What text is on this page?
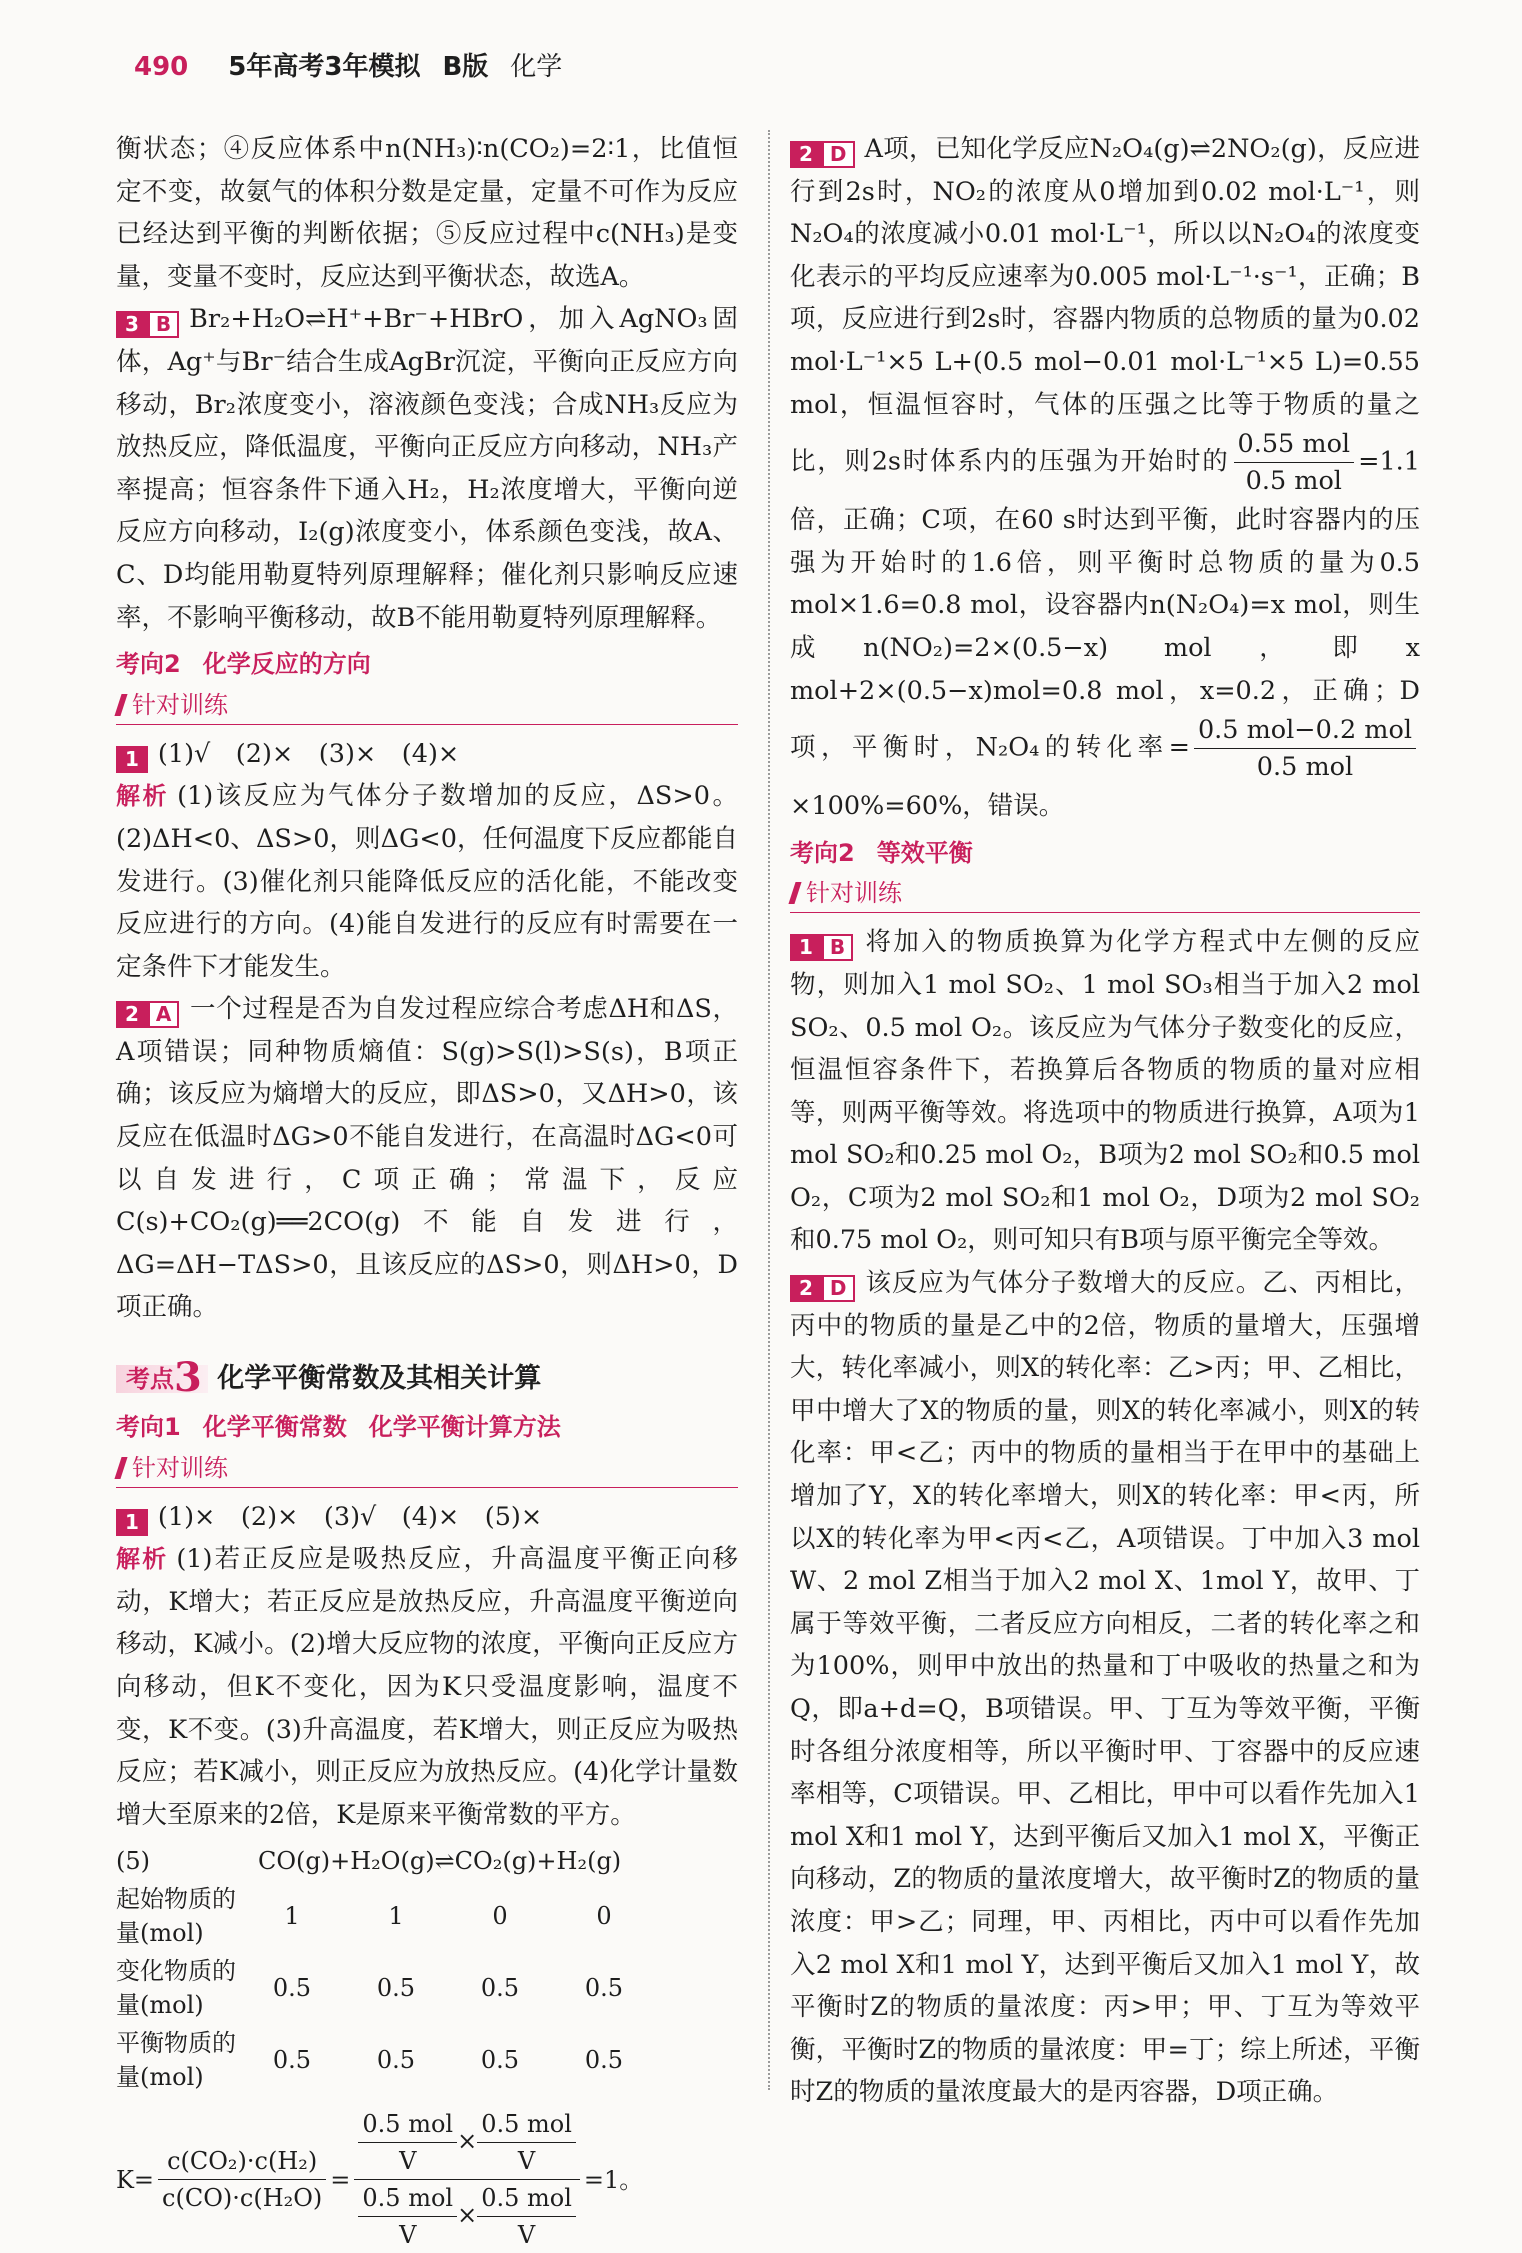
490 5年高考3年模拟 B版 化学

衡状态；④反应体系中n(NH₃)∶n(CO₂)=2∶1，比值恒定不变，故氨气的体积分数是定量，定量不可作为反应已经达到平衡的判断依据；⑤反应过程中c(NH₃)是变量，变量不变时，反应达到平衡状态，故选A。

3 B Br₂+H₂O⇌H⁺+Br⁻+HBrO，加入AgNO₃固体，Ag⁺与Br⁻结合生成AgBr沉淀，平衡向正反应方向移动，Br₂浓度变小，溶液颜色变浅；合成NH₃反应为放热反应，降低温度，平衡向正反应方向移动，NH₃产率提高；恒容条件下通入H₂，H₂浓度增大，平衡向逆反应方向移动，I₂(g)浓度变小，体系颜色变浅，故A、C、D均能用勒夏特列原理解释；催化剂只影响反应速率，不影响平衡移动，故B不能用勒夏特列原理解释。

考向2 化学反应的方向
针对训练

1 (1)√　(2)×　(3)×　(4)×

解析 (1)该反应为气体分子数增加的反应，ΔS>0。(2)ΔH<0、ΔS>0，则ΔG<0，任何温度下反应都能自发进行。(3)催化剂只能降低反应的活化能，不能改变反应进行的方向。(4)能自发进行的反应有时需要在一定条件下才能发生。

2 A 一个过程是否为自发过程应综合考虑ΔH和ΔS，A项错误；同种物质熵值：S(g)>S(l)>S(s)，B项正确；该反应为熵增大的反应，即ΔS>0，又ΔH>0，该反应在低温时ΔG>0不能自发进行，在高温时ΔG<0可以自发进行，C项正确；常温下，反应C(s)+CO₂(g)══2CO(g)不能自发进行，ΔG=ΔH−TΔS>0，且该反应的ΔS>0，则ΔH>0，D项正确。

考点3 化学平衡常数及其相关计算
考向1 化学平衡常数 化学平衡计算方法
针对训练

1 (1)×　(2)×　(3)√　(4)×　(5)×

解析 (1)若正反应是吸热反应，升高温度平衡正向移动，K增大；若正反应是放热反应，升高温度平衡逆向移动，K减小。(2)增大反应物的浓度，平衡向正反应方向移动，但K不变化，因为K只受温度影响，温度不变，K不变。(3)升高温度，若K增大，则正反应为吸热反应；若K减小，则正反应为放热反应。(4)化学计量数增大至原来的2倍，K是原来平衡常数的平方。

(5)	CO(g)+H₂O(g)⇌CO₂(g)+H₂(g)			
起始物质的量(mol)	1	1	0	0
变化物质的量(mol)	0.5	0.5	0.5	0.5
平衡物质的量(mol)	0.5	0.5	0.5	0.5
$K= \frac{\text{c(CO₂)·c(H₂)}}{\text{c(CO)·c(H₂O)}} = \frac{\frac{\text{0.5 mol}}{V} \times \frac{\text{0.5 mol}}{V}}{\frac{\text{0.5 mol}}{V} \times \frac{\text{0.5 mol}}{V}} =1$。

2 D A项，已知化学反应N₂O₄(g)⇌2NO₂(g)，反应进行到2s时，NO₂的浓度从0增加到0.02 mol·L⁻¹，则N₂O₄的浓度减小0.01 mol·L⁻¹，所以以N₂O₄的浓度变化表示的平均反应速率为0.005 mol·L⁻¹·s⁻¹，正确；B项，反应进行到2s时，容器内物质的总物质的量为0.02 mol·L⁻¹×5 L+(0.5 mol−0.01 mol·L⁻¹×5 L)=0.55 mol，恒温恒容时，气体的压强之比等于物质的量之比，则2s时体系内的压强为开始时的 $\frac{\text{0.55 mol}}{\text{0.5 mol}} =1.1$倍，正确；C项，在60 s时达到平衡，此时容器内的压强为开始时的1.6倍，则平衡时总物质的量为0.5 mol×1.6=0.8 mol，设容器内n(N₂O₄)=x mol，则生成n(NO₂)=2×(0.5−x) mol，即x mol+2×(0.5−x)mol=0.8 mol，x=0.2，正确；D项，平衡时，N₂O₄的转化率= $\frac{\text{0.5 mol−0.2 mol}}{\text{0.5 mol}}$
×100%=60%，错误。

考向2 等效平衡
针对训练

1 B 将加入的物质换算为化学方程式中左侧的反应物，则加入1 mol SO₂、1 mol SO₃相当于加入2 mol SO₂、0.5 mol O₂。该反应为气体分子数变化的反应，恒温恒容条件下，若换算后各物质的物质的量对应相等，则两平衡等效。将选项中的物质进行换算，A项为1 mol SO₂和0.25 mol O₂，B项为2 mol SO₂和0.5 mol O₂，C项为2 mol SO₂和1 mol O₂，D项为2 mol SO₂和0.75 mol O₂，则可知只有B项与原平衡完全等效。

2 D 该反应为气体分子数增大的反应。乙、丙相比，丙中的物质的量是乙中的2倍，物质的量增大，压强增大，转化率减小，则X的转化率：乙>丙；甲、乙相比，甲中增大了X的物质的量，则X的转化率减小，则X的转化率：甲<乙；丙中的物质的量相当于在甲中的基础上增加了Y，X的转化率增大，则X的转化率：甲<丙，所以X的转化率为甲<丙<乙，A项错误。丁中加入3 mol W、2 mol Z相当于加入2 mol X、1mol Y，故甲、丁属于等效平衡，二者反应方向相反，二者的转化率之和为100%，则甲中放出的热量和丁中吸收的热量之和为Q，即a+d=Q，B项错误。甲、丁互为等效平衡，平衡时各组分浓度相等，所以平衡时甲、丁容器中的反应速率相等，C项错误。甲、乙相比，甲中可以看作先加入1 mol X和1 mol Y，达到平衡后又加入1 mol X，平衡正向移动，Z的物质的量浓度增大，故平衡时Z的物质的量浓度：甲>乙；同理，甲、丙相比，丙中可以看作先加入2 mol X和1 mol Y，达到平衡后又加入1 mol Y，故平衡时Z的物质的量浓度：丙>甲；甲、丁互为等效平衡，平衡时Z的物质的量浓度：甲=丁；综上所述，平衡时Z的物质的量浓度最大的是丙容器，D项正确。
